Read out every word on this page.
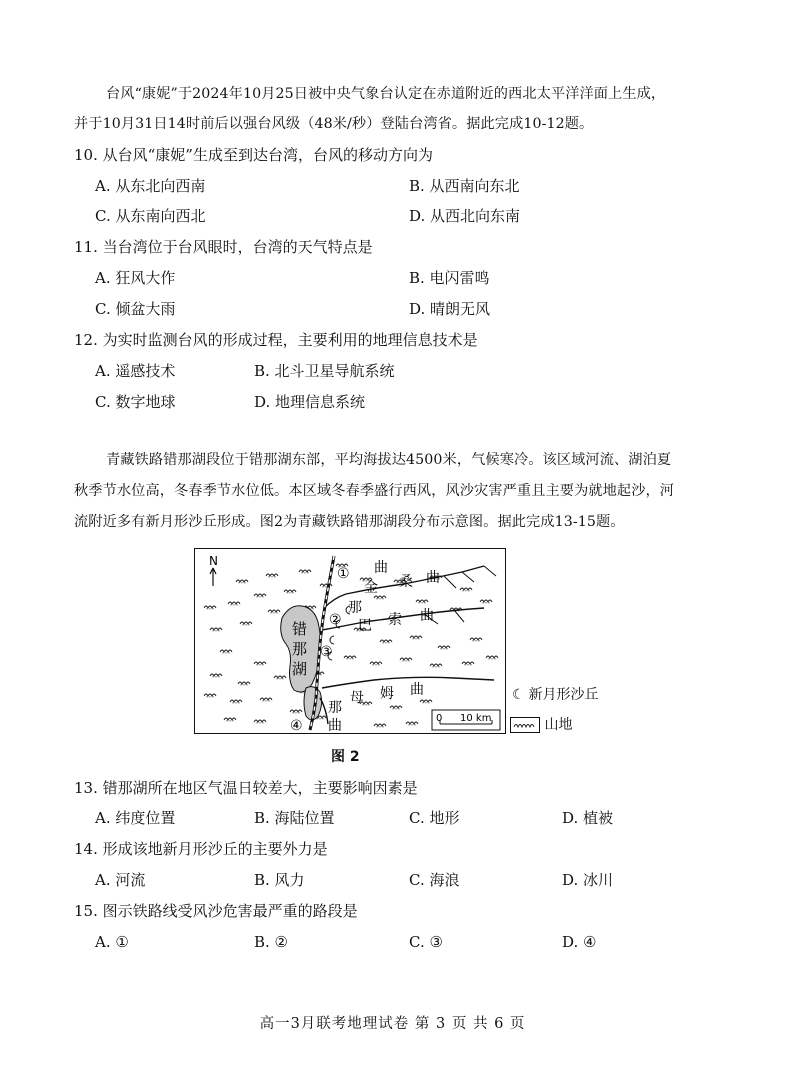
台风“康妮”于2024年10月25日被中央气象台认定在赤道附近的西北太平洋洋面上生成，
并于10月31日14时前后以强台风级（48米/秒）登陆台湾省。据此完成10-12题。
10. 从台风“康妮”生成至到达台湾，台风的移动方向为
A. 从东北向西南	B. 从西南向东北
C. 从东南向西北	D. 从西北向东南
11. 当台湾位于台风眼时，台湾的天气特点是
A. 狂风大作	B. 电闪雷鸣
C. 倾盆大雨	D. 晴朗无风
12. 为实时监测台风的形成过程，主要利用的地理信息技术是
A. 遥感技术	B. 北斗卫星导航系统
C. 数字地球	D. 地理信息系统
青藏铁路错那湖段位于错那湖东部，平均海拔达4500米，气候寒冷。该区域河流、湖泊夏
秋季节水位高，冬春季节水位低。本区域冬春季盛行西风，风沙灾害严重且主要为就地起沙，河
流附近多有新月形沙丘形成。图2为青藏铁路错那湖段分布示意图。据此完成13-15题。
N
①
②
③
④
错
那
湖
曲
金 桑 曲
那
巴 索 曲
母 姆 曲
那
曲	0 10 km
☾ 新月形沙丘
山地
图 2
13. 错那湖所在地区气温日较差大，主要影响因素是
A. 纬度位置	B. 海陆位置	C. 地形	D. 植被
14. 形成该地新月形沙丘的主要外力是
A. 河流	B. 风力	C. 海浪	D. 冰川
15. 图示铁路线受风沙危害最严重的路段是
A. ①	B. ②	C. ③	D. ④
高一3月联考地理试卷 第 3 页 共 6 页
